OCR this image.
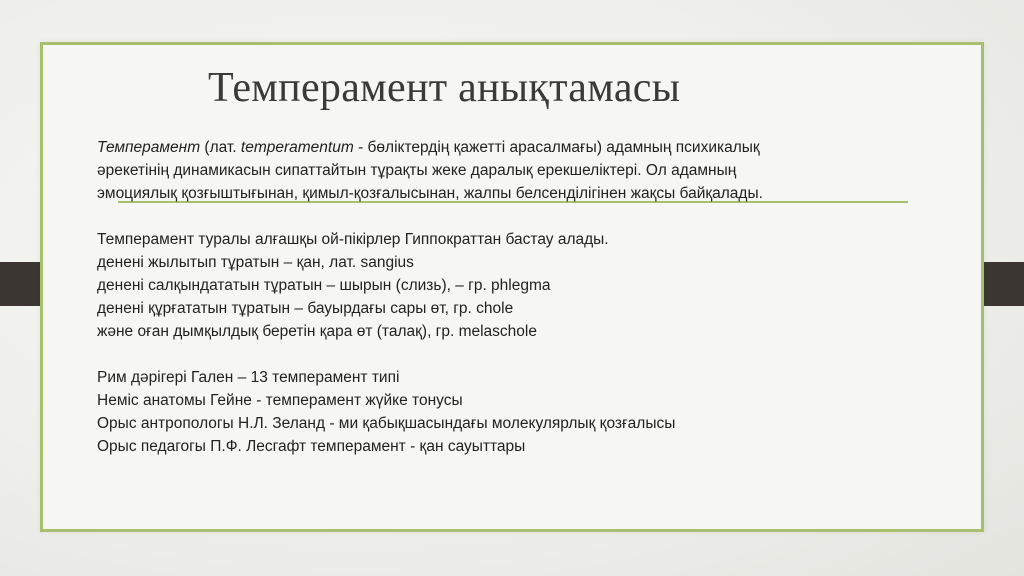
Темперамент анықтамасы
Темперамент (лат. temperamentum - бөліктердің қажетті арасалмағы) адамның психикалық
әрекетінің динамикасын сипаттайтын тұрақты жеке даралық ерекшеліктері. Ол адамның
эмоциялық қозғыштығынан, қимыл-қозғалысынан, жалпы белсенділігінен жақсы байқалады.
Темперамент туралы алғашқы ой-пікірлер Гиппократтан бастау алады.
денені жылытып тұратын – қан, лат. sangius
денені салқындататын тұратын – шырын (слизь), – гр. phlegma
денені құрғататын тұратын – бауырдағы сары өт, гр. chole
және оған дымқылдық беретін қара өт (талақ), гр. melaschole
Рим дәрігері Гален – 13 темперамент типі
Неміс анатомы Гейне - темперамент жүйке тонусы
Орыс антропологы Н.Л. Зеланд - ми қабықшасындағы молекулярлық қозғалысы
Орыс педагогы П.Ф. Лесгафт темперамент - қан сауыттары
